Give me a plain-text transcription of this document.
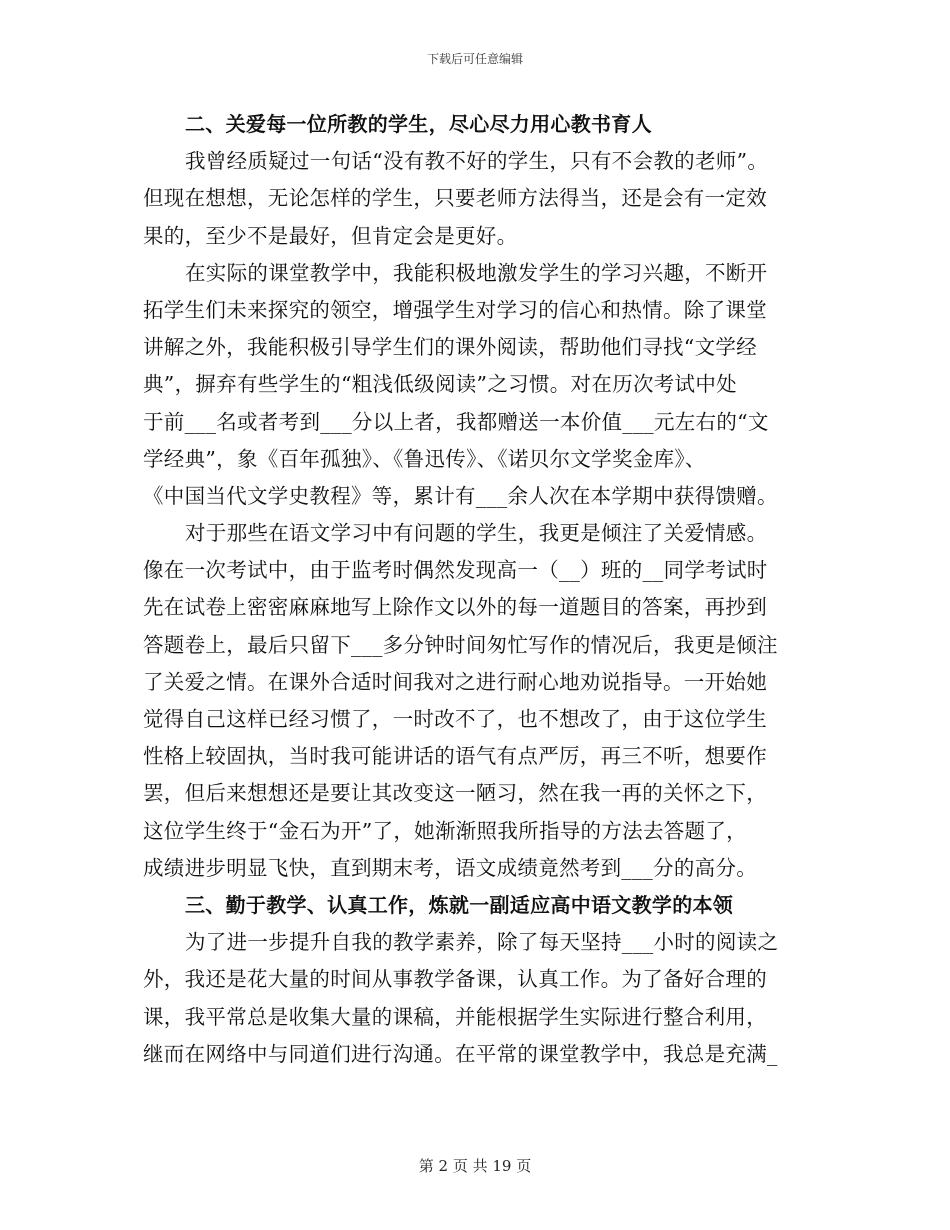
下载后可任意编辑
二、关爱每一位所教的学生，尽心尽力用心教书育人
我曾经质疑过一句话“没有教不好的学生，只有不会教的老师”。
但现在想想，无论怎样的学生，只要老师方法得当，还是会有一定效
果的，至少不是最好，但肯定会是更好。
在实际的课堂教学中，我能积极地激发学生的学习兴趣，不断开
拓学生们未来探究的领空，增强学生对学习的信心和热情。除了课堂
讲解之外，我能积极引导学生们的课外阅读，帮助他们寻找“文学经
典”，摒弃有些学生的“粗浅低级阅读”之习惯。对在历次考试中处
于前___名或者考到___分以上者，我都赠送一本价值___元左右的“文
学经典”，象《百年孤独》、《鲁迅传》、《诺贝尔文学奖金库》、
《中国当代文学史教程》等，累计有___余人次在本学期中获得馈赠。
对于那些在语文学习中有问题的学生，我更是倾注了关爱情感。
像在一次考试中，由于监考时偶然发现高一（__）班的__同学考试时
先在试卷上密密麻麻地写上除作文以外的每一道题目的答案，再抄到
答题卷上，最后只留下___多分钟时间匆忙写作的情况后，我更是倾注
了关爱之情。在课外合适时间我对之进行耐心地劝说指导。一开始她
觉得自己这样已经习惯了，一时改不了，也不想改了，由于这位学生
性格上较固执，当时我可能讲话的语气有点严厉，再三不听，想要作
罢，但后来想想还是要让其改变这一陋习，然在我一再的关怀之下，
这位学生终于“金石为开”了，她渐渐照我所指导的方法去答题了，
成绩进步明显飞快，直到期末考，语文成绩竟然考到___分的高分。
三、勤于教学、认真工作，炼就一副适应高中语文教学的本领
为了进一步提升自我的教学素养，除了每天坚持___小时的阅读之
外，我还是花大量的时间从事教学备课，认真工作。为了备好合理的
课，我平常总是收集大量的课稿，并能根据学生实际进行整合利用，
继而在网络中与同道们进行沟通。在平常的课堂教学中，我总是充满_
第 2 页 共 19 页
